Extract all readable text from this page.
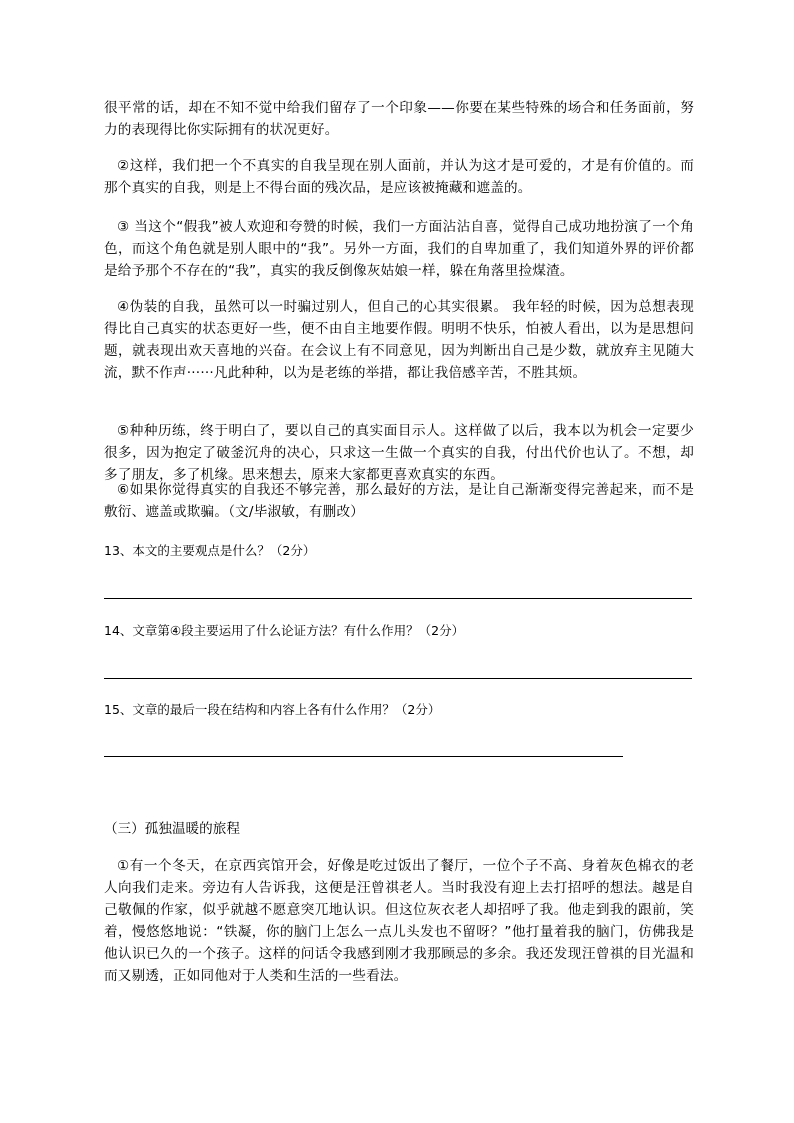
很平常的话，却在不知不觉中给我们留存了一个印象——你要在某些特殊的场合和任务面前，努力的表现得比你实际拥有的状况更好。

②这样，我们把一个不真实的自我呈现在别人面前，并认为这才是可爱的，才是有价值的。而那个真实的自我，则是上不得台面的残次品，是应该被掩藏和遮盖的。

③ 当这个“假我”被人欢迎和夸赞的时候，我们一方面沾沾自喜，觉得自己成功地扮演了一个角色，而这个角色就是别人眼中的“我”。另外一方面，我们的自卑加重了，我们知道外界的评价都是给予那个不存在的“我”，真实的我反倒像灰姑娘一样，躲在角落里捡煤渣。

④伪装的自我，虽然可以一时骗过别人，但自己的心其实很累。 我年轻的时候，因为总想表现得比自己真实的状态更好一些，便不由自主地要作假。明明不快乐，怕被人看出，以为是思想问题，就表现出欢天喜地的兴奋。在会议上有不同意见，因为判断出自己是少数，就放弃主见随大流，默不作声······凡此种种，以为是老练的举措，都让我倍感辛苦，不胜其烦。

⑤种种历练，终于明白了，要以自己的真实面目示人。这样做了以后，我本以为机会一定要少很多，因为抱定了破釜沉舟的决心，只求这一生做一个真实的自我，付出代价也认了。不想，却多了朋友，多了机缘。思来想去，原来大家都更喜欢真实的东西。

⑥如果你觉得真实的自我还不够完善，那么最好的方法，是让自己渐渐变得完善起来，而不是敷衍、遮盖或欺骗。（文/毕淑敏，有删改）

13、本文的主要观点是什么？（2分）

14、文章第④段主要运用了什么论证方法？有什么作用？（2分）

15、文章的最后一段在结构和内容上各有什么作用？（2分）

（三）孤独温暖的旅程

①有一个冬天，在京西宾馆开会，好像是吃过饭出了餐厅，一位个子不高、身着灰色棉衣的老人向我们走来。旁边有人告诉我，这便是汪曾祺老人。当时我没有迎上去打招呼的想法。越是自己敬佩的作家，似乎就越不愿意突兀地认识。但这位灰衣老人却招呼了我。他走到我的跟前，笑着，慢悠悠地说：“铁凝，你的脑门上怎么一点儿头发也不留呀？”他打量着我的脑门，仿佛我是他认识已久的一个孩子。这样的问话令我感到刚才我那顾忌的多余。我还发现汪曾祺的目光温和而又剔透，正如同他对于人类和生活的一些看法。
